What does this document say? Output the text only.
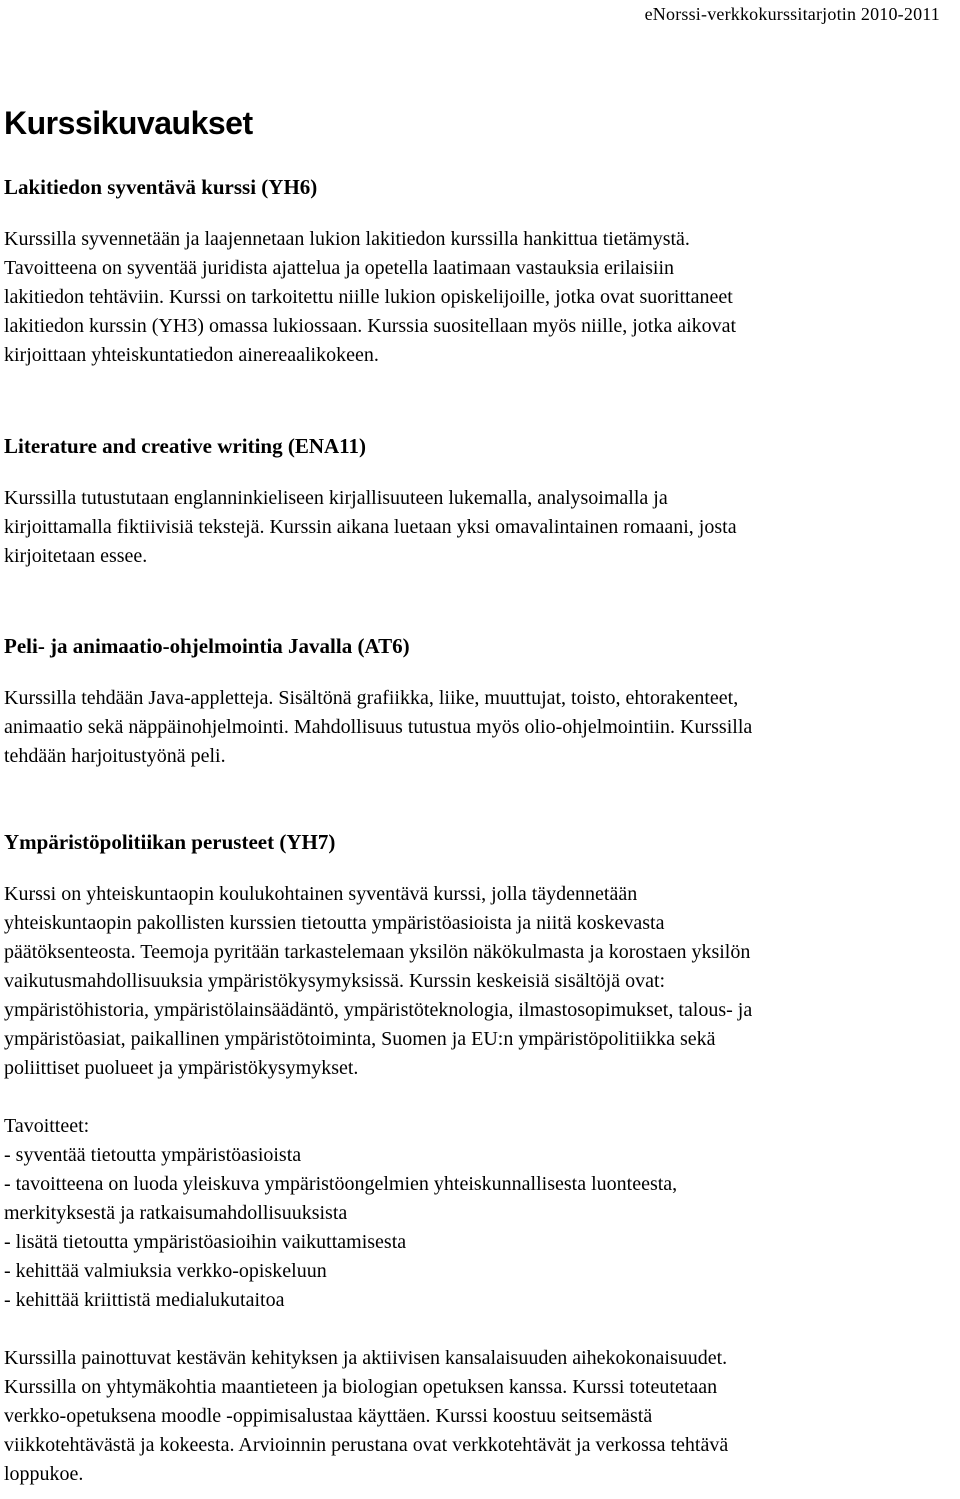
eNorssi-verkkokurssitarjotin 2010-2011
Kurssikuvaukset
Lakitiedon syventävä kurssi (YH6)

Kurssilla syvennetään ja laajennetaan lukion lakitiedon kurssilla hankittua tietämystä.
Tavoitteena on syventää juridista ajattelua ja opetella laatimaan vastauksia erilaisiin
lakitiedon tehtäviin. Kurssi on tarkoitettu niille lukion opiskelijoille, jotka ovat suorittaneet
lakitiedon kurssin (YH3) omassa lukiossaan. Kurssia suositellaan myös niille, jotka aikovat
kirjoittaan yhteiskuntatiedon ainereaalikokeen.

Literature and creative writing (ENA11)

Kurssilla tutustutaan englanninkieliseen kirjallisuuteen lukemalla, analysoimalla ja
kirjoittamalla fiktiivisiä tekstejä. Kurssin aikana luetaan yksi omavalintainen romaani, josta
kirjoitetaan essee.

Peli- ja animaatio-ohjelmointia Javalla (AT6)

Kurssilla tehdään Java-appletteja. Sisältönä grafiikka, liike, muuttujat, toisto, ehtorakenteet,
animaatio sekä näppäinohjelmointi. Mahdollisuus tutustua myös olio-ohjelmointiin. Kurssilla
tehdään harjoitustyönä peli.

Ympäristöpolitiikan perusteet (YH7)

Kurssi on yhteiskuntaopin koulukohtainen syventävä kurssi, jolla täydennetään
yhteiskuntaopin pakollisten kurssien tietoutta ympäristöasioista ja niitä koskevasta
päätöksenteosta. Teemoja pyritään tarkastelemaan yksilön näkökulmasta ja korostaen yksilön
vaikutusmahdollisuuksia ympäristökysymyksissä. Kurssin keskeisiä sisältöjä ovat:
ympäristöhistoria, ympäristölainsäädäntö, ympäristöteknologia, ilmastosopimukset, talous- ja
ympäristöasiat, paikallinen ympäristötoiminta, Suomen ja EU:n ympäristöpolitiikka sekä
poliittiset puolueet ja ympäristökysymykset.

Tavoitteet:

- syventää tietoutta ympäristöasioista
- tavoitteena on luoda yleiskuva ympäristöongelmien yhteiskunnallisesta luonteesta,
merkityksestä ja ratkaisumahdollisuuksista
- lisätä tietoutta ympäristöasioihin vaikuttamisesta
- kehittää valmiuksia verkko-opiskeluun
- kehittää kriittistä medialukutaitoa

Kurssilla painottuvat kestävän kehityksen ja aktiivisen kansalaisuuden aihekokonaisuudet.
Kurssilla on yhtymäkohtia maantieteen ja biologian opetuksen kanssa. Kurssi toteutetaan
verkko-opetuksena moodle -oppimisalustaa käyttäen. Kurssi koostuu seitsemästä
viikkotehtävästä ja kokeesta. Arvioinnin perustana ovat verkkotehtävät ja verkossa tehtävä
loppukoe.
